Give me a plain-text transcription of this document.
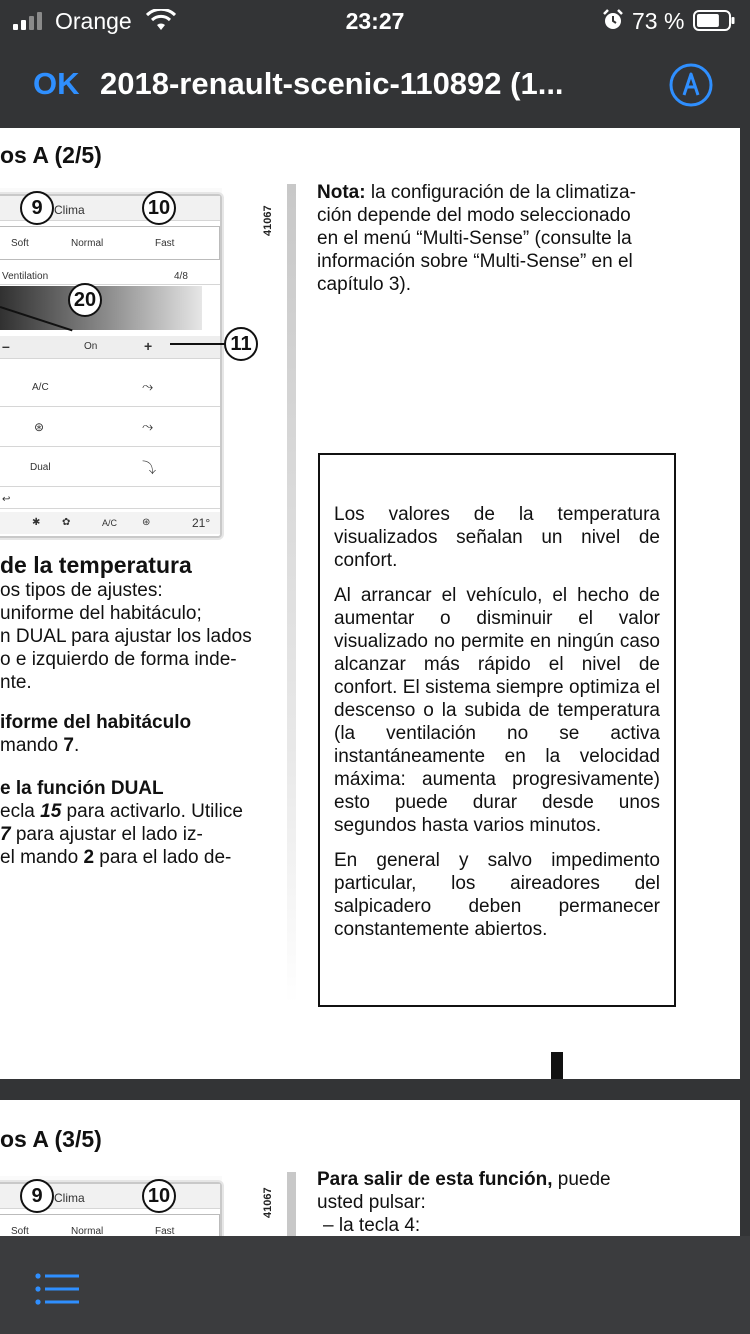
Orange	23:27	73 %
OK 2018-renault-scenic-110892 (1...
os A (2/5)
Clima
Soft	Normal	Fast
Ventilation	4/8
–	On	+
A/C	⤳
⊛	⤳
Dual	⤵
↩
✱ ✿	A/C ⊛	21°
9	10
20
11
41067
de la temperatura
os tipos de ajustes:
uniforme del habitáculo;
n DUAL para ajustar los lados
o e izquierdo de forma inde-
nte.
iforme del habitáculo
mando 7.
e la función DUAL
ecla 15 para activarlo. Utilice
7 para ajustar el lado iz-
el mando 2 para el lado de-
Nota: la configuración de la climatiza-
ción depende del modo seleccionado
en el menú “Multi-Sense” (consulte la
información sobre “Multi-Sense” en el
capítulo 3).

Los valores de la temperatura visualizados señalan un nivel de confort.

Al arrancar el vehículo, el hecho de aumentar o disminuir el valor visualizado no permite en ningún caso alcanzar más rápido el nivel de confort. El sistema siempre optimiza el descenso o la subida de temperatura (la ventilación no se activa instantáneamente en la velocidad máxima: aumenta progresivamente) esto puede durar desde unos segundos hasta varios minutos.

En general y salvo impedimento particular, los aireadores del salpicadero deben permanecer constantemente abiertos.

os A (3/5)
Clima
Soft	Normal	Fast
9	10	41067
Para salir de esta función, puede
usted pulsar:
– la tecla 4:
